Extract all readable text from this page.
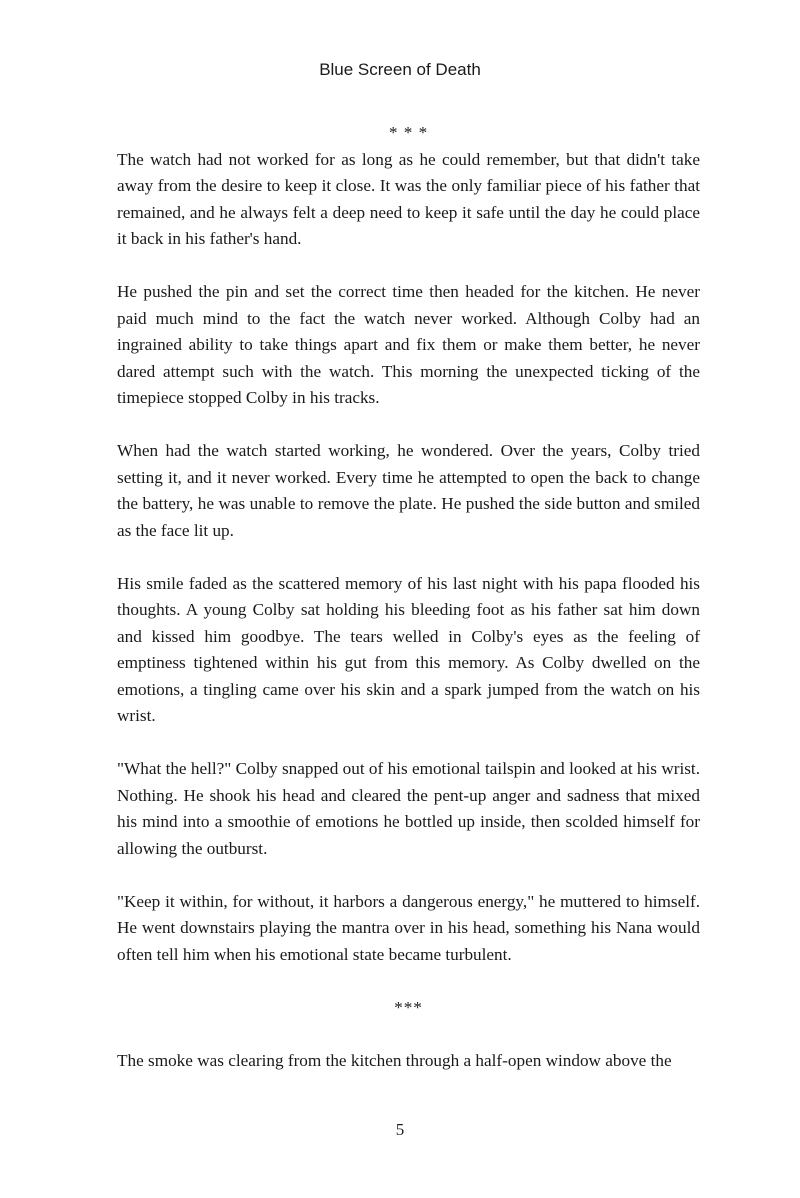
Blue Screen of Death

* * *

The watch had not worked for as long as he could remember, but that didn't take away from the desire to keep it close. It was the only familiar piece of his father that remained, and he always felt a deep need to keep it safe until the day he could place it back in his father's hand.

He pushed the pin and set the correct time then headed for the kitchen. He never paid much mind to the fact the watch never worked. Although Colby had an ingrained ability to take things apart and fix them or make them better, he never dared attempt such with the watch. This morning the unexpected ticking of the timepiece stopped Colby in his tracks.

When had the watch started working, he wondered. Over the years, Colby tried setting it, and it never worked. Every time he attempted to open the back to change the battery, he was unable to remove the plate. He pushed the side button and smiled as the face lit up.

His smile faded as the scattered memory of his last night with his papa flooded his thoughts. A young Colby sat holding his bleeding foot as his father sat him down and kissed him goodbye. The tears welled in Colby's eyes as the feeling of emptiness tightened within his gut from this memory. As Colby dwelled on the emotions, a tingling came over his skin and a spark jumped from the watch on his wrist.

"What the hell?" Colby snapped out of his emotional tailspin and looked at his wrist. Nothing. He shook his head and cleared the pent-up anger and sadness that mixed his mind into a smoothie of emotions he bottled up inside, then scolded himself for allowing the outburst.

"Keep it within, for without, it harbors a dangerous energy," he muttered to himself. He went downstairs playing the mantra over in his head, something his Nana would often tell him when his emotional state became turbulent.

***

The smoke was clearing from the kitchen through a half-open window above the

5
